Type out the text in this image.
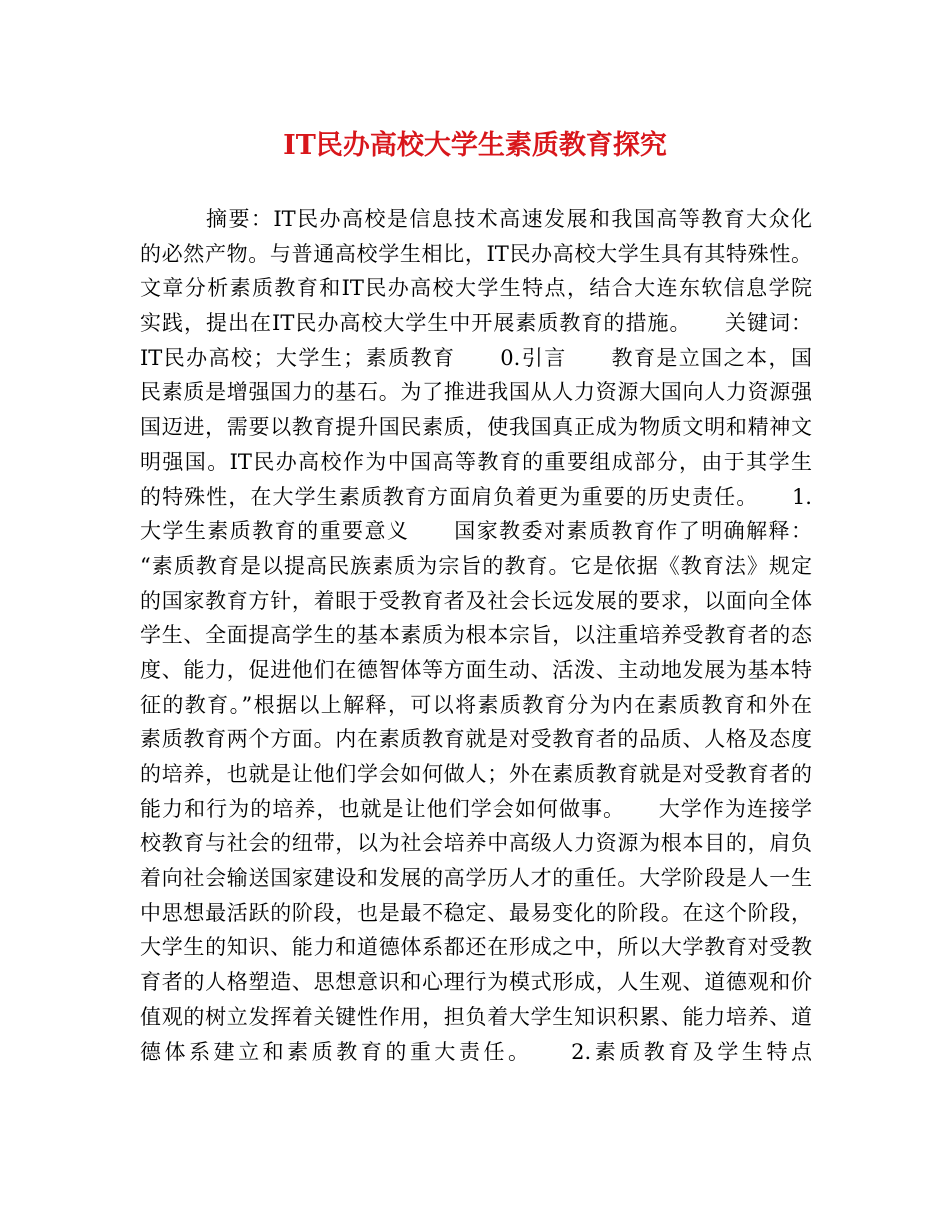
IT民办高校大学生素质教育探究
摘要：IT民办高校是信息技术高速发展和我国高等教育大众化
的必然产物。与普通高校学生相比，IT民办高校大学生具有其特殊性。
文章分析素质教育和IT民办高校大学生特点，结合大连东软信息学院
实践，提出在IT民办高校大学生中开展素质教育的措施。　　关键词：
IT民办高校；大学生；素质教育　　0.引言　　教育是立国之本，国
民素质是增强国力的基石。为了推进我国从人力资源大国向人力资源强
国迈进，需要以教育提升国民素质，使我国真正成为物质文明和精神文
明强国。IT民办高校作为中国高等教育的重要组成部分，由于其学生
的特殊性，在大学生素质教育方面肩负着更为重要的历史责任。　　1.
大学生素质教育的重要意义　　国家教委对素质教育作了明确解释：
“素质教育是以提高民族素质为宗旨的教育。它是依据《教育法》规定
的国家教育方针，着眼于受教育者及社会长远发展的要求，以面向全体
学生、全面提高学生的基本素质为根本宗旨，以注重培养受教育者的态
度、能力，促进他们在德智体等方面生动、活泼、主动地发展为基本特
征的教育。”根据以上解释，可以将素质教育分为内在素质教育和外在
素质教育两个方面。内在素质教育就是对受教育者的品质、人格及态度
的培养，也就是让他们学会如何做人；外在素质教育就是对受教育者的
能力和行为的培养，也就是让他们学会如何做事。　　大学作为连接学
校教育与社会的纽带，以为社会培养中高级人力资源为根本目的，肩负
着向社会输送国家建设和发展的高学历人才的重任。大学阶段是人一生
中思想最活跃的阶段，也是最不稳定、最易变化的阶段。在这个阶段，
大学生的知识、能力和道德体系都还在形成之中，所以大学教育对受教
育者的人格塑造、思想意识和心理行为模式形成，人生观、道德观和价
值观的树立发挥着关键性作用，担负着大学生知识积累、能力培养、道
德体系建立和素质教育的重大责任。　　2.素质教育及学生特点
